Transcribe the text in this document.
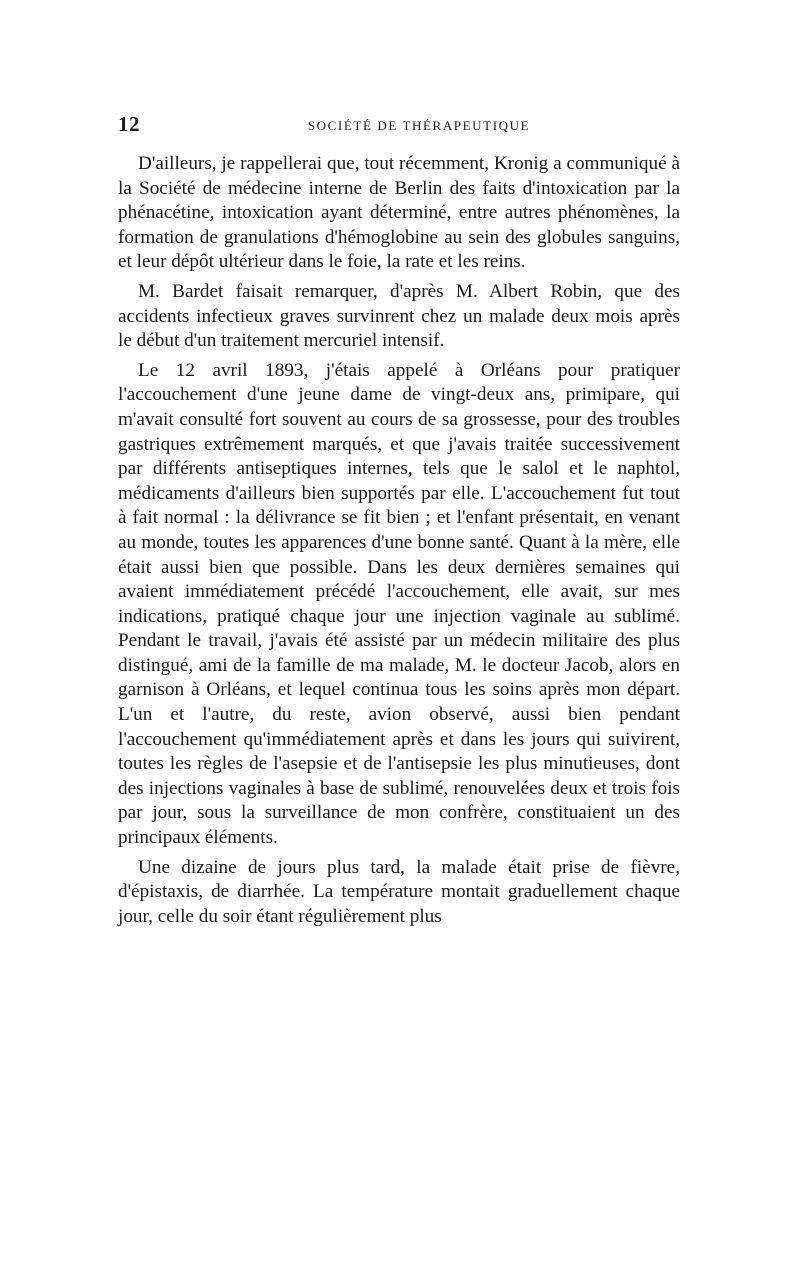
12	SOCIÉTÉ DE THÉRAPEUTIQUE

D'ailleurs, je rappellerai que, tout récemment, Kronig a communiqué à la Société de médecine interne de Berlin des faits d'intoxication par la phénacétine, intoxication ayant déterminé, entre autres phénomènes, la formation de granulations d'hémoglobine au sein des globules sanguins, et leur dépôt ultérieur dans le foie, la rate et les reins.

M. Bardet faisait remarquer, d'après M. Albert Robin, que des accidents infectieux graves survinrent chez un malade deux mois après le début d'un traitement mercuriel intensif.

Le 12 avril 1893, j'étais appelé à Orléans pour pratiquer l'accouchement d'une jeune dame de vingt-deux ans, primipare, qui m'avait consulté fort souvent au cours de sa grossesse, pour des troubles gastriques extrêmement marqués, et que j'avais traitée successivement par différents antiseptiques internes, tels que le salol et le naphtol, médicaments d'ailleurs bien supportés par elle. L'accouchement fut tout à fait normal : la délivrance se fit bien ; et l'enfant présentait, en venant au monde, toutes les apparences d'une bonne santé. Quant à la mère, elle était aussi bien que possible. Dans les deux dernières semaines qui avaient immédiatement précédé l'accouchement, elle avait, sur mes indications, pratiqué chaque jour une injection vaginale au sublimé. Pendant le travail, j'avais été assisté par un médecin militaire des plus distingué, ami de la famille de ma malade, M. le docteur Jacob, alors en garnison à Orléans, et lequel continua tous les soins après mon départ. L'un et l'autre, du reste, avion observé, aussi bien pendant l'accouchement qu'immédiatement après et dans les jours qui suivirent, toutes les règles de l'asepsie et de l'antisepsie les plus minutieuses, dont des injections vaginales à base de sublimé, renouvelées deux et trois fois par jour, sous la surveillance de mon confrère, constituaient un des principaux éléments.

Une dizaine de jours plus tard, la malade était prise de fièvre, d'épistaxis, de diarrhée. La température montait graduellement chaque jour, celle du soir étant régulièrement plus
